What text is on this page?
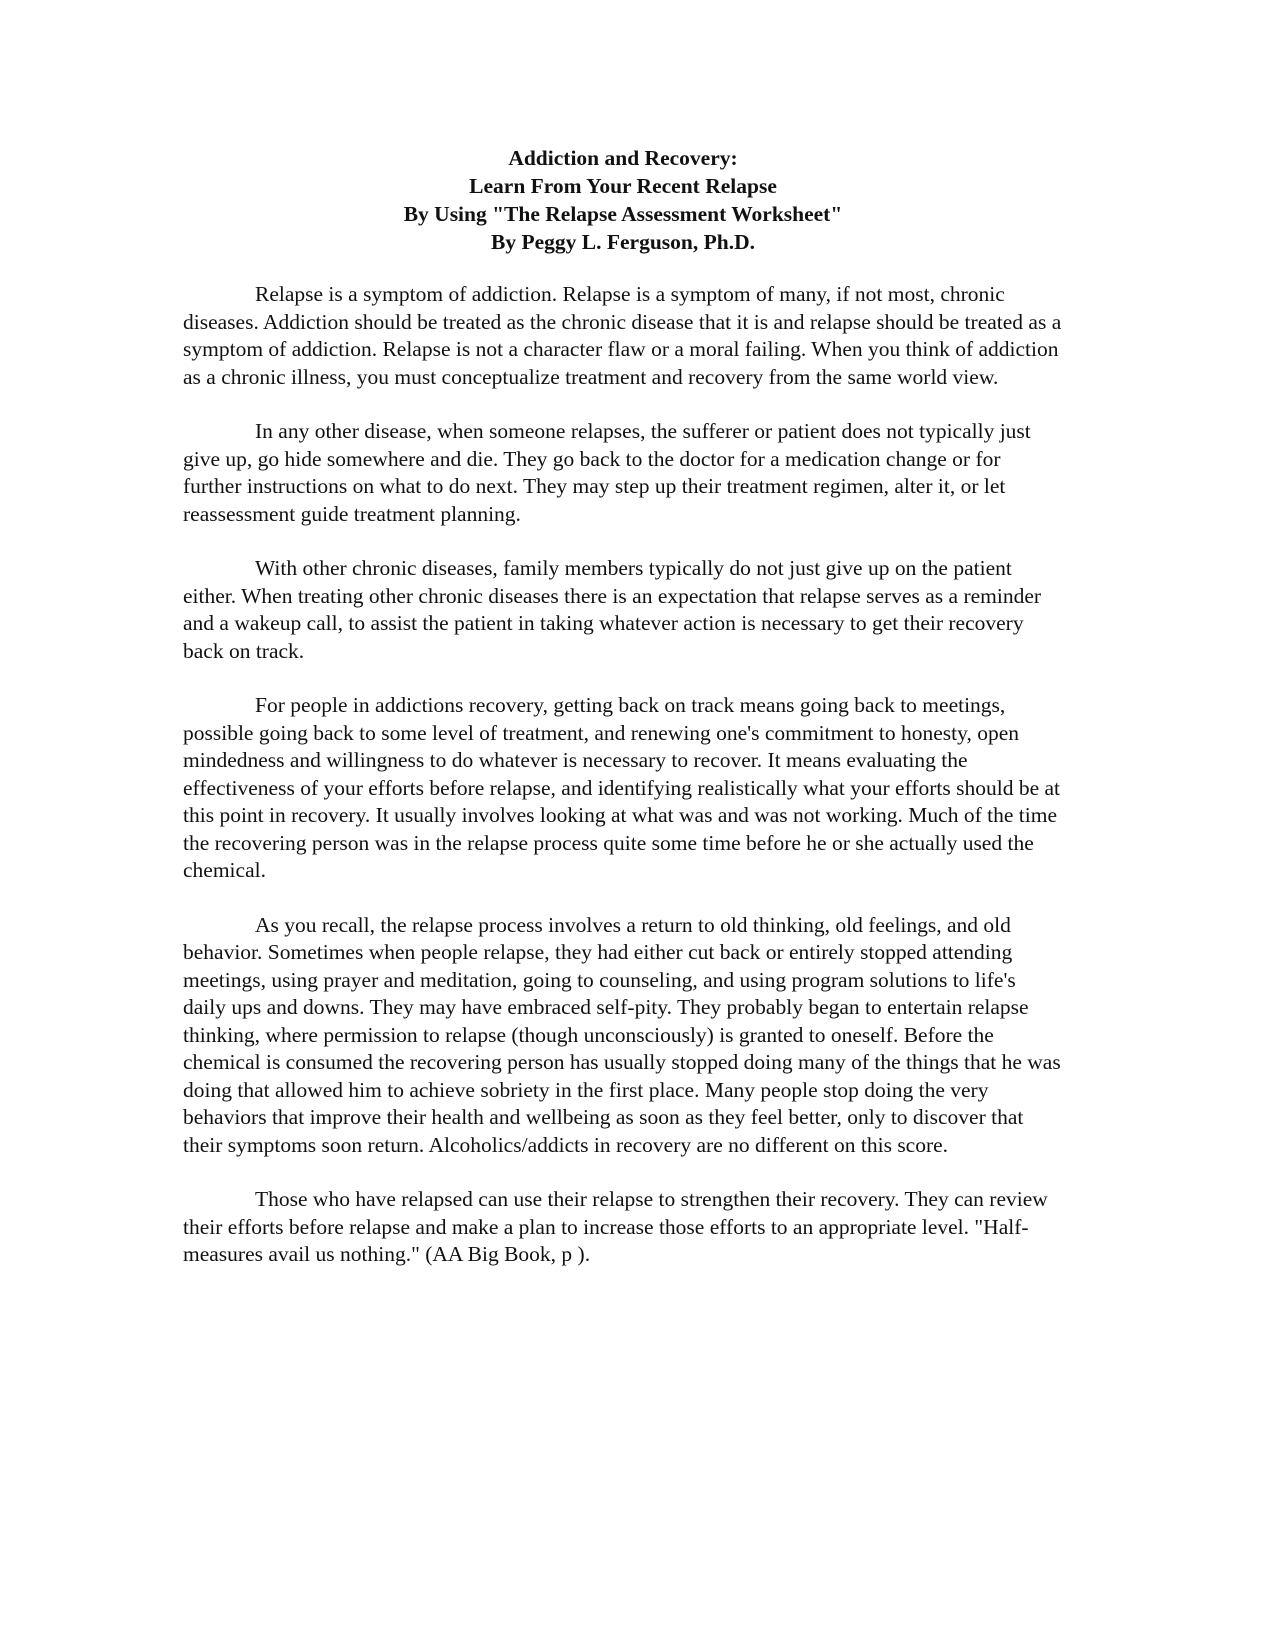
Addiction and Recovery:
Learn From Your Recent Relapse
By Using "The Relapse Assessment Worksheet"
By Peggy L. Ferguson, Ph.D.

Relapse is a symptom of addiction. Relapse is a symptom of many, if not most, chronic diseases. Addiction should be treated as the chronic disease that it is and relapse should be treated as a symptom of addiction. Relapse is not a character flaw or a moral failing. When you think of addiction as a chronic illness, you must conceptualize treatment and recovery from the same world view.

In any other disease, when someone relapses, the sufferer or patient does not typically just give up, go hide somewhere and die. They go back to the doctor for a medication change or for further instructions on what to do next. They may step up their treatment regimen, alter it, or let reassessment guide treatment planning.

With other chronic diseases, family members typically do not just give up on the patient either. When treating other chronic diseases there is an expectation that relapse serves as a reminder and a wakeup call, to assist the patient in taking whatever action is necessary to get their recovery back on track.

For people in addictions recovery, getting back on track means going back to meetings, possible going back to some level of treatment, and renewing one's commitment to honesty, open mindedness and willingness to do whatever is necessary to recover. It means evaluating the effectiveness of your efforts before relapse, and identifying realistically what your efforts should be at this point in recovery. It usually involves looking at what was and was not working. Much of the time the recovering person was in the relapse process quite some time before he or she actually used the chemical.

As you recall, the relapse process involves a return to old thinking, old feelings, and old behavior. Sometimes when people relapse, they had either cut back or entirely stopped attending meetings, using prayer and meditation, going to counseling, and using program solutions to life's daily ups and downs. They may have embraced self-pity. They probably began to entertain relapse thinking, where permission to relapse (though unconsciously) is granted to oneself. Before the chemical is consumed the recovering person has usually stopped doing many of the things that he was doing that allowed him to achieve sobriety in the first place. Many people stop doing the very behaviors that improve their health and wellbeing as soon as they feel better, only to discover that their symptoms soon return. Alcoholics/addicts in recovery are no different on this score.

Those who have relapsed can use their relapse to strengthen their recovery. They can review their efforts before relapse and make a plan to increase those efforts to an appropriate level. "Half-measures avail us nothing." (AA Big Book, p ).
